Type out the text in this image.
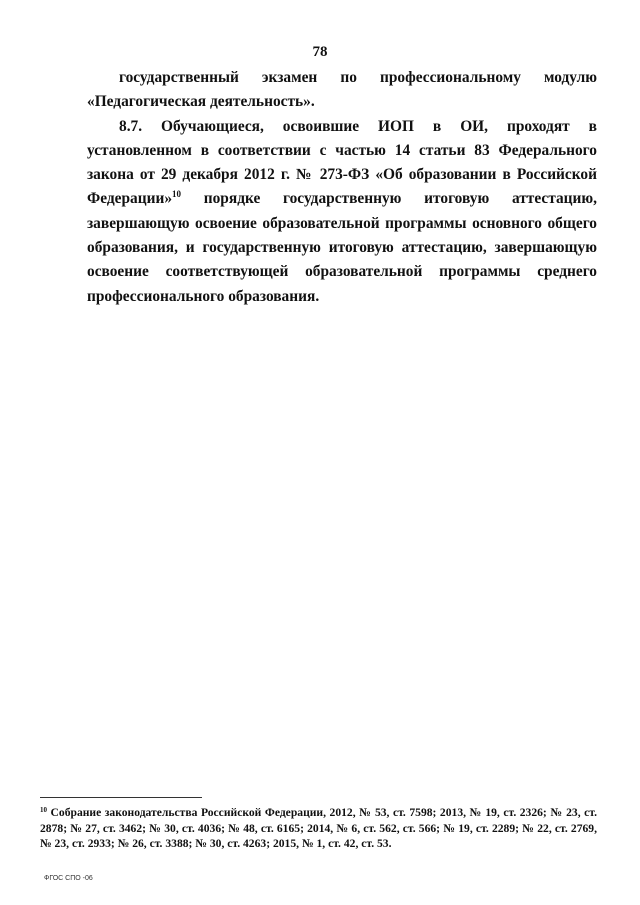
78

государственный экзамен по профессиональному модулю «Педагогическая деятельность».

8.7. Обучающиеся, освоившие ИОП в ОИ, проходят в установленном в соответствии с частью 14 статьи 83 Федерального закона от 29 декабря 2012 г. № 273-ФЗ «Об образовании в Российской Федерации»$^{10}$ порядке государственную итоговую аттестацию, завершающую освоение образовательной программы основного общего образования, и государственную итоговую аттестацию, завершающую освоение соответствующей образовательной программы среднего профессионального образования.

$^{10}$ Собрание законодательства Российской Федерации, 2012, № 53, ст. 7598; 2013, № 19, ст. 2326; № 23, ст. 2878; № 27, ст. 3462; № 30, ст. 4036; № 48, ст. 6165; 2014, № 6, ст. 562, ст. 566; № 19, ст. 2289; № 22, ст. 2769, № 23, ст. 2933; № 26, ст. 3388; № 30, ст. 4263; 2015, № 1, ст. 42, ст. 53.
ФГОС СПО -06
